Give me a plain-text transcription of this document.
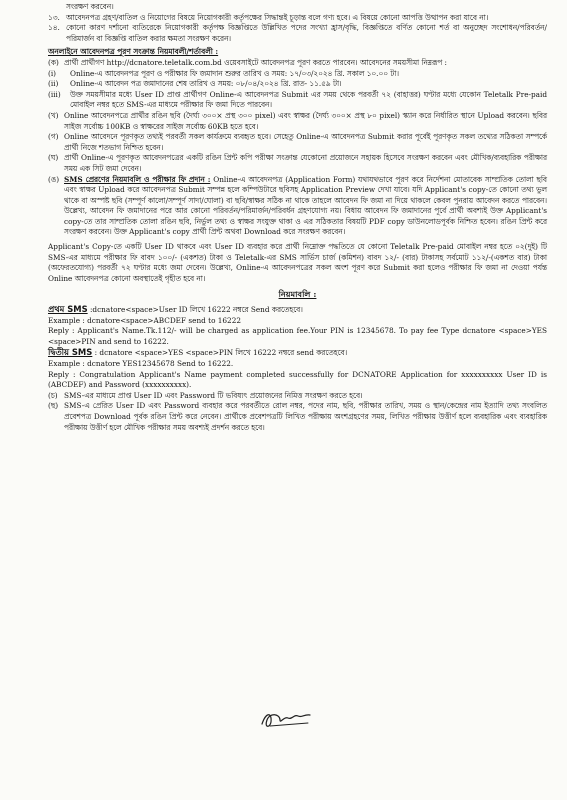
সংরক্ষণ করবেন।
১৩. আবেদনপত্র গ্রহণ/বাতিল ও নিয়োগের বিষয়ে নিয়োগকারী কর্তৃপক্ষের সিদ্ধান্তই চূড়ান্ত বলে গণ্য হবে। এ বিষয়ে কোনো আপত্তি উত্থাপন করা যাবে না।
১৪. কোনো কারণ দর্শানো ব্যতিরেকে নিয়োগকারী কর্তৃপক্ষ বিজ্ঞপ্তিতে উল্লিখিত পদের সংখ্যা হ্রাস/বৃদ্ধি, বিজ্ঞপ্তিতে বর্ণিত কোনো শর্ত বা অনুচ্ছেদ সংশোধন/পরিবর্তন/পরিমার্জন বা বিজ্ঞপ্তি বাতিল করার ক্ষমতা সংরক্ষণ করেন।
অনলাইনে আবেদনপত্র পূরণ সংক্রান্ত নিয়মাবলী/শর্তাবলী :
(ক) প্রার্থী প্রার্থীগণ http://dcnatore.teletalk.com.bd ওয়েবসাইটে আবেদনপত্র পূরণ করতে পারবেন। আবেদনের সময়সীমা নিম্নরূপ :
(i) Online-এ আবেদনপত্র পূরণ ও পরীক্ষার ফি জমাদান শুরুর তারিখ ও সময়: ১৭/০৩/২০২৪ খ্রি. সকাল ১০.০০ টা।
(ii) Online-এ আবেদন পত্র জমাদানের শেষ তারিখ ও সময়: ০৮/০৪/২০২৪ খ্রি. রাত- ১১.৫৯ টা।
(iii) উক্ত সময়সীমার মধ্যে User ID প্রাপ্ত প্রার্থীগণ Online-এ আবেদনপত্র Submit এর সময় থেকে পরবর্তী ৭২ (বাহাত্তর) ঘণ্টার মধ্যে যেকোন Teletalk Pre-paid মোবাইল নম্বর হতে SMS-এর মাধ্যমে পরীক্ষার ফি জমা দিতে পারবেন।
(খ) Online আবেদনপত্রে প্রার্থীর রঙিন ছবি (দৈর্ঘ্য ৩০০× প্রস্থ ৩০০ pixel) এবং স্বাক্ষর (দৈর্ঘ্য ৩০০× প্রস্থ ৮০ pixel) স্ক্যান করে নির্ধারিত স্থানে Upload করবেন। ছবির সাইজ সর্বোচ্চ 100KB ও স্বাক্ষরের সাইজ সর্বোচ্চ 60KB হতে হবে।
(গ) Online আবেদনে পূরণকৃত তথ্যই পরবর্তী সকল কার্যক্রমে ব্যবহৃত হবে। সেহেতু Online-এ আবেদনপত্র Submit করার পূর্বেই পূরণকৃত সকল তথ্যের সঠিকতা সম্পর্কে প্রার্থী নিজে শতভাগ নিশ্চিত হবেন।
(ঘ) প্রার্থী Online-এ পূরণকৃত আবেদনপত্রের একটি রঙিন প্রিন্ট কপি পরীক্ষা সংক্রান্ত যেকোনো প্রয়োজনে সহায়ক হিসেবে সংরক্ষণ করবেন এবং মৌখিক/ব্যবহারিক পরীক্ষার সময় এক সিট জমা দেবেন।
(ঙ) SMS প্রেরণের নিয়মাবলি ও পরীক্ষার ফি প্রদান : Online-এ আবেদনপত্র (Application Form) যথাযথভাবে পূরণ করে নির্দেশনা মোতাবেক সাম্প্রতিক তোলা ছবি এবং স্বাক্ষর Upload করে আবেদনপত্র Submit সম্পন্ন হলে কম্পিউটারে ছবিসহ Application Preview দেখা যাবে। যদি Applicant's copy-তে কোনো তথ্য ভুল থাকে বা অস্পষ্ট ছবি (সম্পূর্ণ কালো/সম্পূর্ণ সাদা/ঘোলা) বা ছবি/স্বাক্ষর সঠিক না থাকে তাহলে আবেদন ফি জমা না দিয়ে থাকলে কেবল পুনরায় আবেদন করতে পারবেন। উল্লেখ্য, আবেদন ফি জমাদানের পরে আর কোনো পরিবর্তন/পরিমার্জন/পরিবর্ধন গ্রহণযোগ্য নয়। বিধায় আবেদন ফি জমাদানের পূর্বে প্রার্থী অবশ্যই উক্ত Applicant's copy-তে তার সাম্প্রতিক তোলা রঙিন ছবি, নির্ভুল তথ্য ও স্বাক্ষর সংযুক্ত থাকা ও এর সঠিকতার বিষয়টি PDF copy ডাউনলোডপূর্বক নিশ্চিত হবেন। রঙিন প্রিন্ট করে সংরক্ষণ করবেন। উক্ত Applicant's copy প্রার্থী প্রিন্ট অথবা Download করে সংরক্ষণ করবেন।
Applicant's Copy-তে একটি User ID থাকবে এবং User ID ব্যবহার করে প্রার্থী নিম্নোক্ত পদ্ধতিতে যে কোনো Teletalk Pre-paid মোবাইল নম্বর হতে ০২(দুই) টি SMS-এর মাধ্যমে পরীক্ষার ফি বাবদ ১০০/- (একশত) টাকা ও Teletalk-এর SMS সার্ভিস চার্জ (কমিশন) বাবদ ১২/- (বার) টাকাসহ সর্বমোট ১১২/-(একশত বার) টাকা (অফেরতযোগ্য) পরবর্তী ৭২ ঘণ্টার মধ্যে জমা দেবেন। উল্লেখ্য, Online-এ আবেদনপত্রের সকল অংশ পূরণ করে Submit করা হলেও পরীক্ষার ফি জমা না দেওয়া পর্যন্ত Online আবেদনপত্র কোনো অবস্থাতেই গৃহীত হবে না।
নিয়মাবলি :
প্রথম SMS :dcnatore<space>User ID লিখে 16222 নম্বরে Send করতেহবে।
Example : dcnatore<space>ABCDEF send to 16222
Reply : Applicant's Name.Tk.112/- will be charged as application fee.Your PIN is 12345678. To pay fee Type dcnatore <space>YES <space>PIN and send to 16222.
দ্বিতীয় SMS : dcnatore <space>YES <space>PIN লিখে 16222 নম্বরে send করতেহবে।
Example : dcnatore YES12345678 Send to 16222.
Reply : Congratulation Applicant's Name payment completed successfully for DCNATORE Application for xxxxxxxxxx User ID is (ABCDEF) and Password (xxxxxxxxxx).
(চ) SMS-এর মাধ্যমে প্রাপ্ত User ID এবং Password টি ভবিষ্যৎ প্রয়োজনের নিমিত্ত সংরক্ষণ করতে হবে।
(ছ) SMS-এ প্রেরিত User ID এবং Password ব্যবহার করে পরবর্তীতে রোল নম্বর, পদের নাম, ছবি, পরীক্ষার তারিখ, সময় ও স্থান/কেন্দ্রের নাম ইত্যাদি তথ্য সংবলিত প্রবেশপত্র Download পূর্বক রঙিন প্রিন্ট করে নেবেন। প্রার্থীকে প্রবেশপত্রটি লিখিত পরীক্ষায় অংশগ্রহণের সময়, লিখিত পরীক্ষায় উত্তীর্ণ হলে ব্যবহারিক এবং ব্যবহারিক পরীক্ষায় উত্তীর্ণ হলে মৌখিক পরীক্ষার সময় অবশ্যই প্রদর্শন করতে হবে।
